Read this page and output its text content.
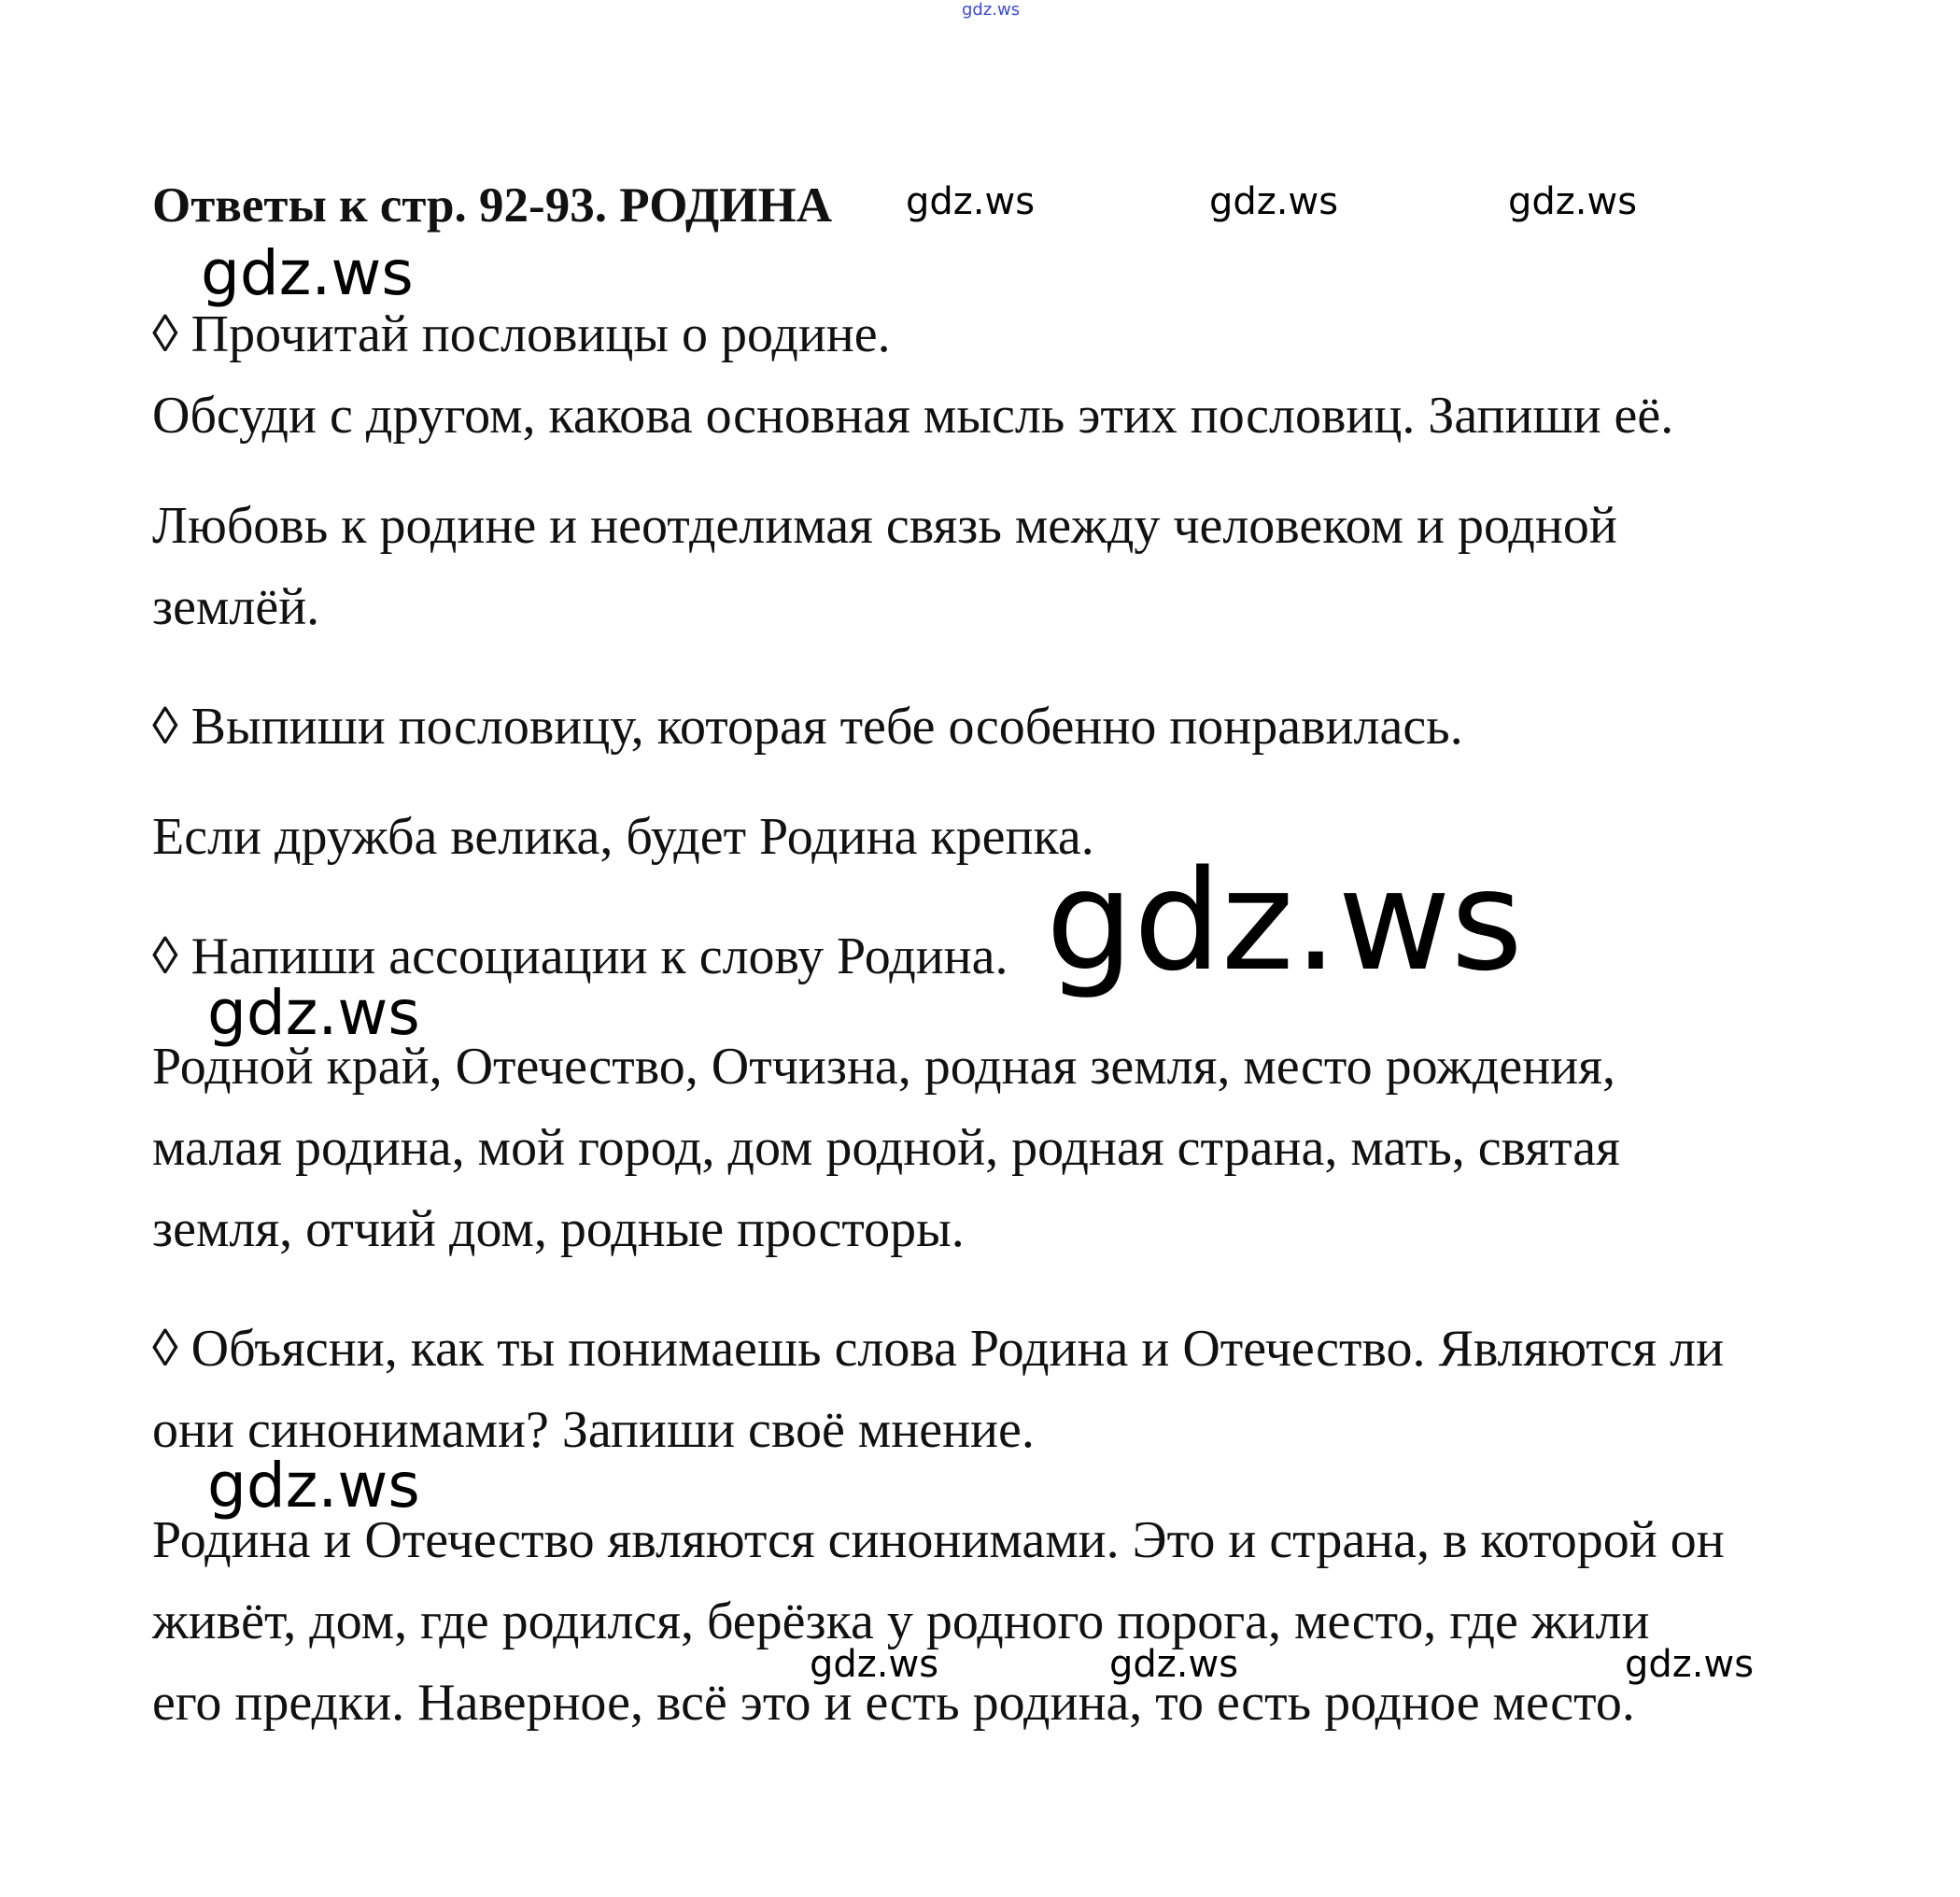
gdz.ws
gdz.ws	gdz.ws	gdz.ws
gdz.ws
gdz.ws
gdz.ws
gdz.ws
gdz.ws	gdz.ws	gdz.ws
Ответы к стр. 92-93. РОДИНА
◊ Прочитай пословицы о родине.
Обсуди с другом, какова основная мысль этих пословиц. Запиши её.
Любовь к родине и неотделимая связь между человеком и родной
землёй.
◊ Выпиши пословицу, которая тебе особенно понравилась.
Если дружба велика, будет Родина крепка.
◊ Напиши ассоциации к слову Родина.
Родной край, Отечество, Отчизна, родная земля, место рождения,
малая родина, мой город, дом родной, родная страна, мать, святая
земля, отчий дом, родные просторы.
◊ Объясни, как ты понимаешь слова Родина и Отечество. Являются ли
они синонимами? Запиши своё мнение.
Родина и Отечество являются синонимами. Это и страна, в которой он
живёт, дом, где родился, берёзка у родного порога, место, где жили
его предки. Наверное, всё это и есть родина, то есть родное место.
